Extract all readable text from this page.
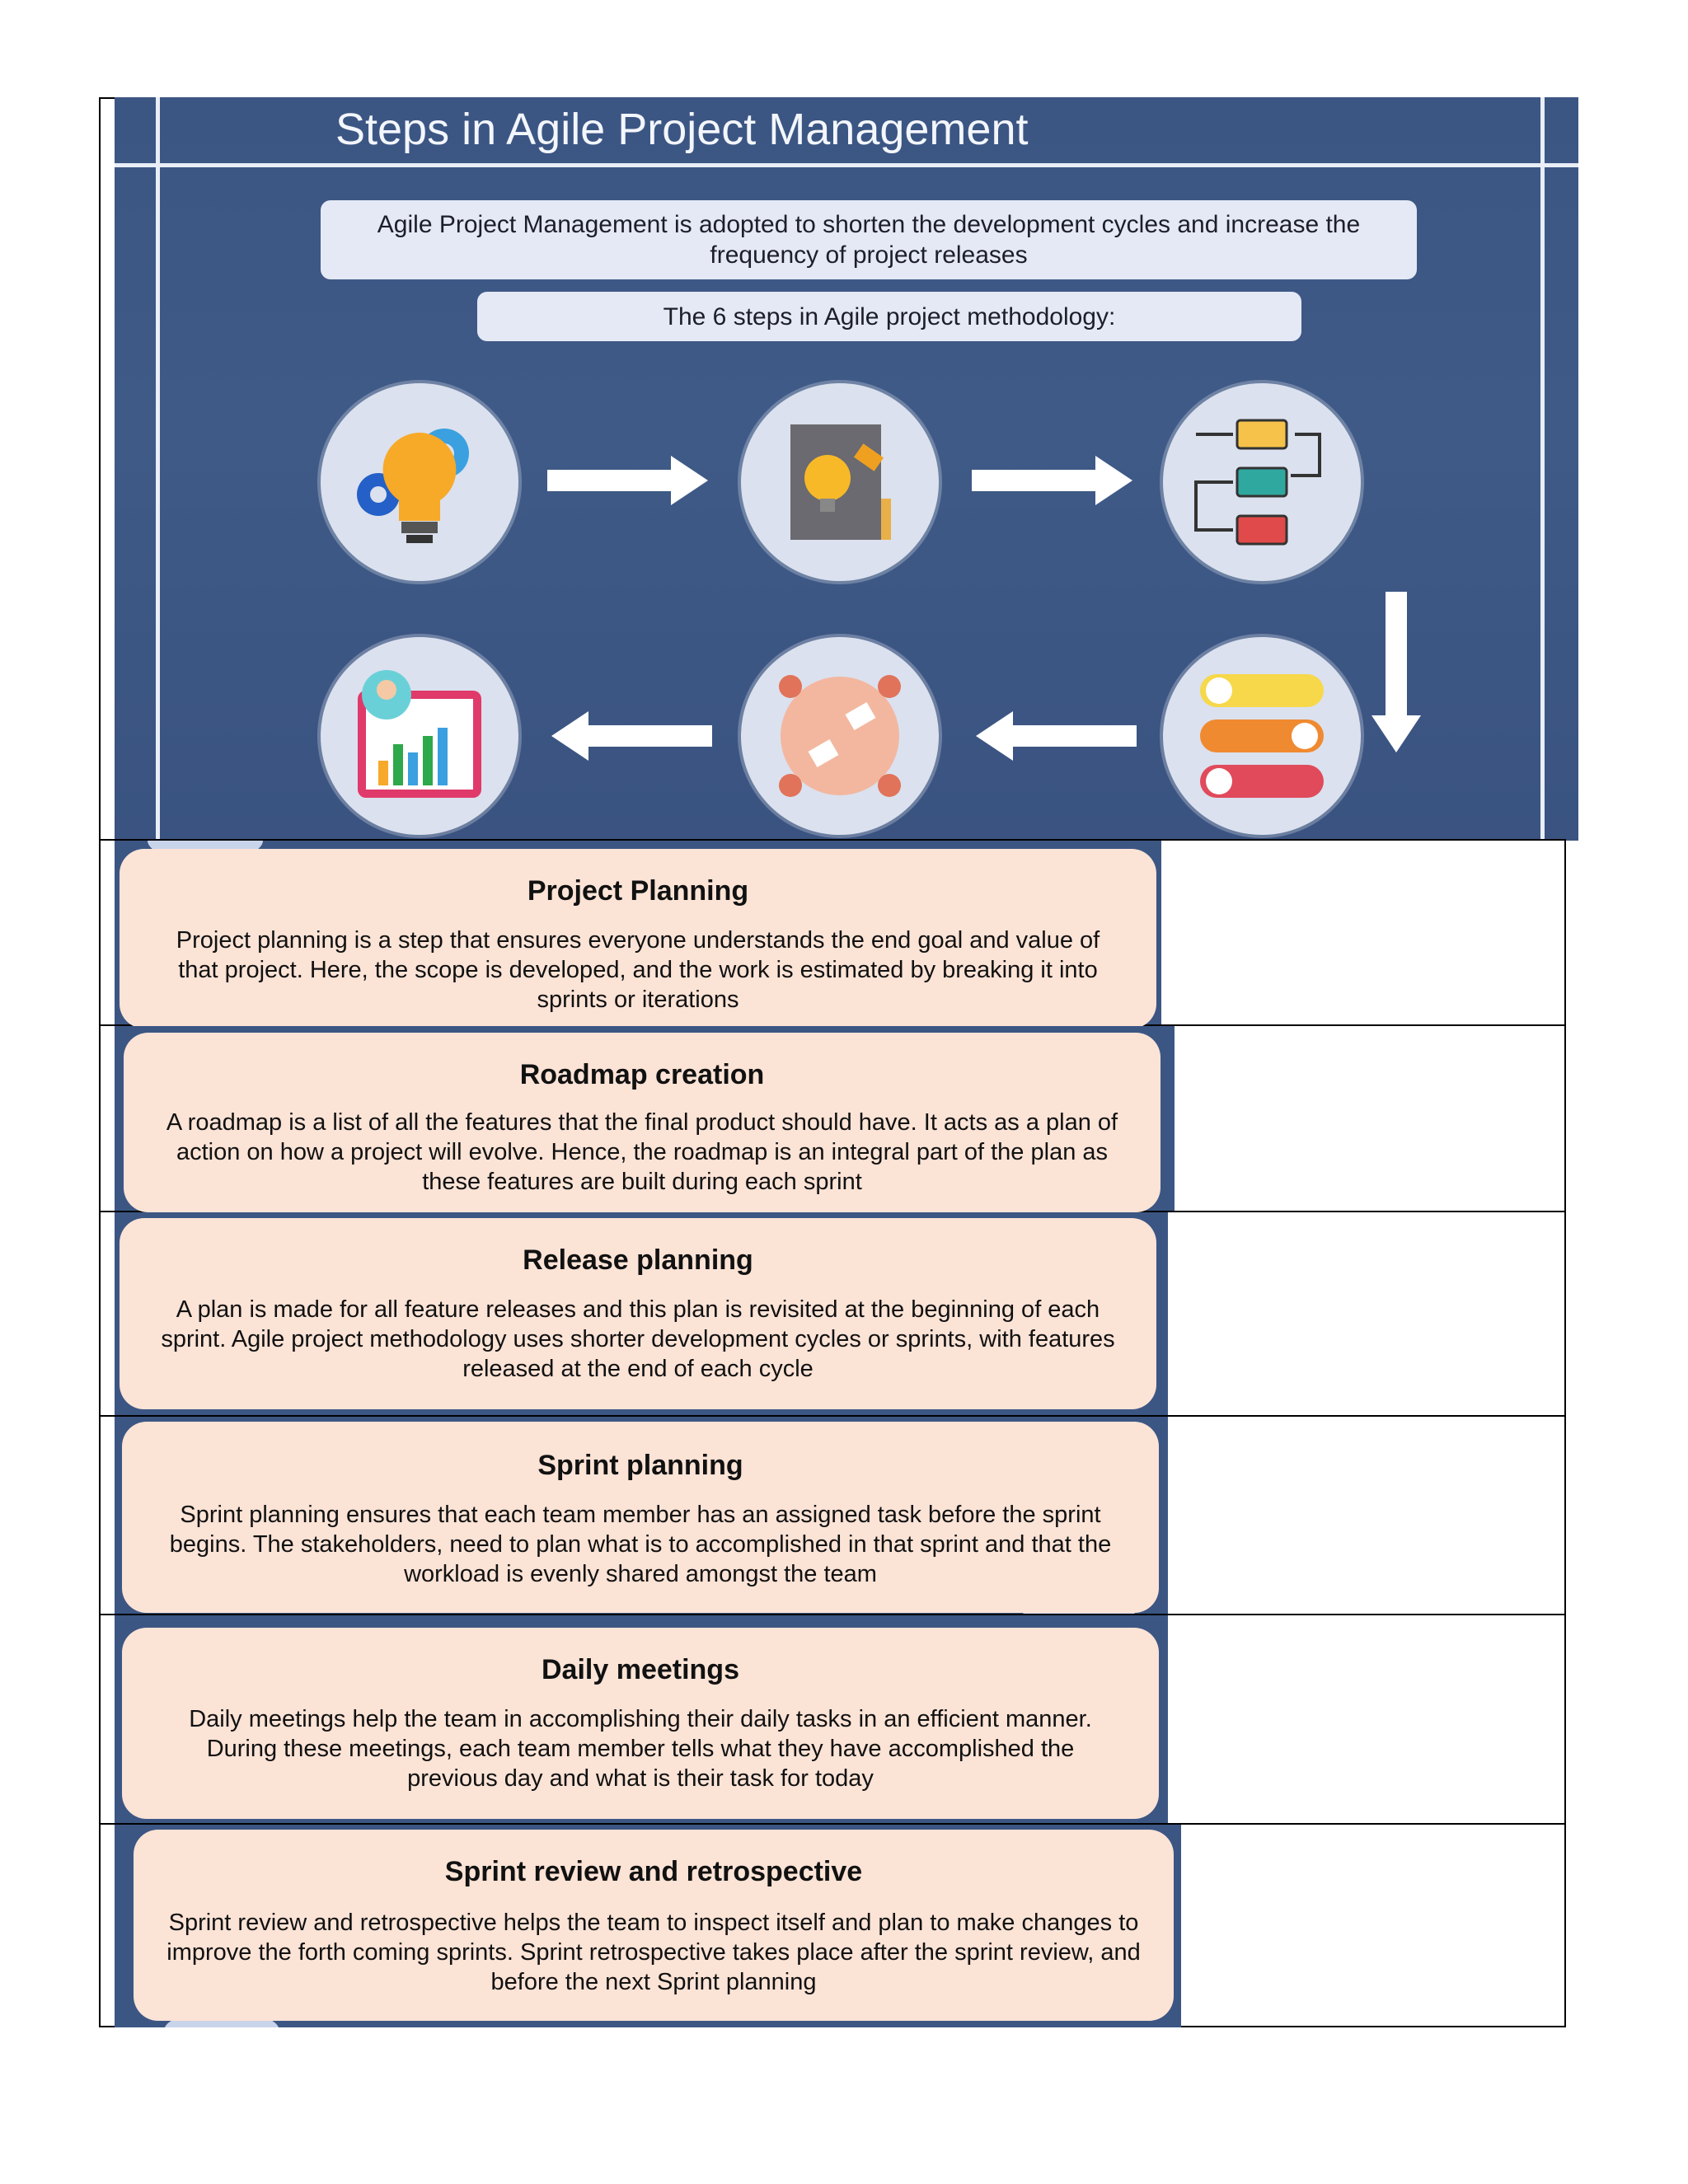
Steps in Agile Project Management
Agile Project Management is adopted to shorten the development cycles and increase the frequency of project releases
The 6 steps in Agile project methodology:
Project Planning

Project planning is a step that ensures everyone understands the end goal and value of that project. Here, the scope is developed, and the work is estimated by breaking it into sprints or iterations

Roadmap creation

A roadmap is a list of all the features that the final product should have. It acts as a plan of action on how a project will evolve. Hence, the roadmap is an integral part of the plan as these features are built during each sprint

Release planning

A plan is made for all feature releases and this plan is revisited at the beginning of each sprint. Agile project methodology uses shorter development cycles or sprints, with features released at the end of each cycle

Sprint planning

Sprint planning ensures that each team member has an assigned task before the sprint begins. The stakeholders, need to plan what is to accomplished in that sprint and that the workload is evenly shared amongst the team

Daily meetings

Daily meetings help the team in accomplishing their daily tasks in an efficient manner. During these meetings, each team member tells what they have accomplished the previous day and what is their task for today

Sprint review and retrospective

Sprint review and retrospective helps the team to inspect itself and plan to make changes to improve the forth coming sprints. Sprint retrospective takes place after the sprint review, and before the next Sprint planning
